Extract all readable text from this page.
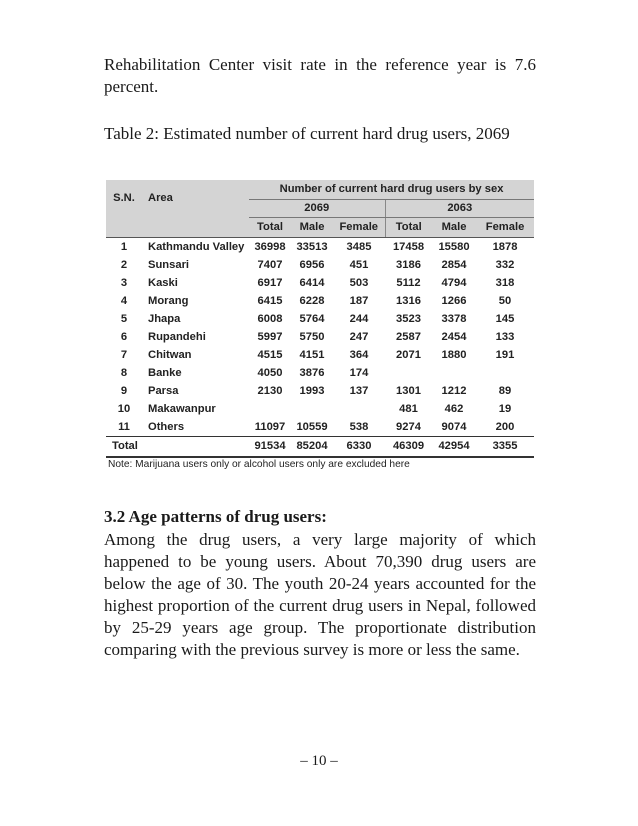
Rehabilitation Center visit rate in the reference year is 7.6 percent.
Table 2: Estimated number of current hard drug users, 2069
S.N.	Area	Number of current hard drug users by sex					
		2069			2063		
		Total	Male	Female	Total	Male	Female
1	Kathmandu Valley	36998	33513	3485	17458	15580	1878
2	Sunsari	7407	6956	451	3186	2854	332
3	Kaski	6917	6414	503	5112	4794	318
4	Morang	6415	6228	187	1316	1266	50
5	Jhapa	6008	5764	244	3523	3378	145
6	Rupandehi	5997	5750	247	2587	2454	133
7	Chitwan	4515	4151	364	2071	1880	191
8	Banke	4050	3876	174			
9	Parsa	2130	1993	137	1301	1212	89
10	Makawanpur				481	462	19
11	Others	11097	10559	538	9274	9074	200
Total		91534	85204	6330	46309	42954	3355
Note: Marijuana users only or alcohol users only are excluded here
3.2 Age patterns of drug users:
Among the drug users, a very large majority of which happened to be young users. About 70,390 drug users are below the age of 30. The youth 20-24 years accounted for the highest proportion of the current drug users in Nepal, followed by 25-29 years age group. The proportionate distribution comparing with the previous survey is more or less the same.
– 10 –
